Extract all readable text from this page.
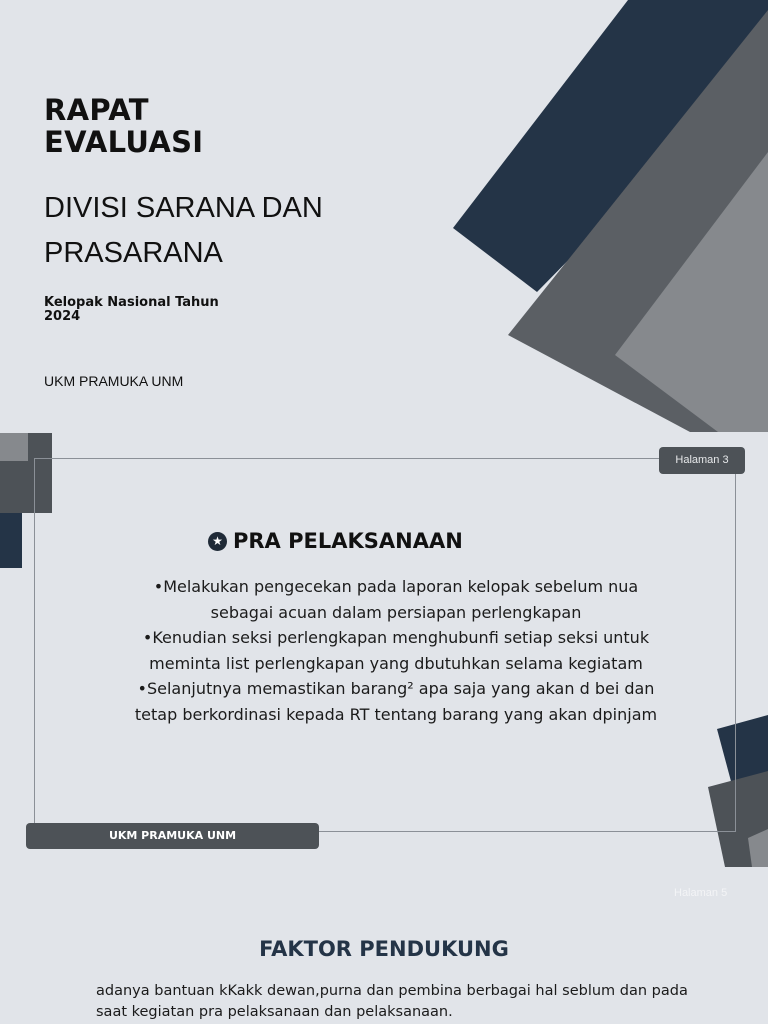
RAPAT
EVALUASI
DIVISI SARANA DAN PRASARANA
Kelopak Nasional Tahun
2024
UKM PRAMUKA UNM
Halaman 3
★ PRA PELAKSANAAN

•Melakukan pengecekan pada laporan kelopak sebelum nua

sebagai acuan dalam persiapan perlengkapan

•Kenudian seksi perlengkapan menghubunfi setiap seksi untuk

meminta list perlengkapan yang dbutuhkan selama kegiatam

•Selanjutnya memastikan barang² apa saja yang akan d bei dan

tetap berkordinasi kepada RT tentang barang yang akan dpinjam

UKM PRAMUKA UNM
Halaman 5
FAKTOR PENDUKUNG
adanya bantuan kKakk dewan,purna dan pembina berbagai hal seblum dan pada
saat kegiatan pra pelaksanaan dan pelaksanaan.
